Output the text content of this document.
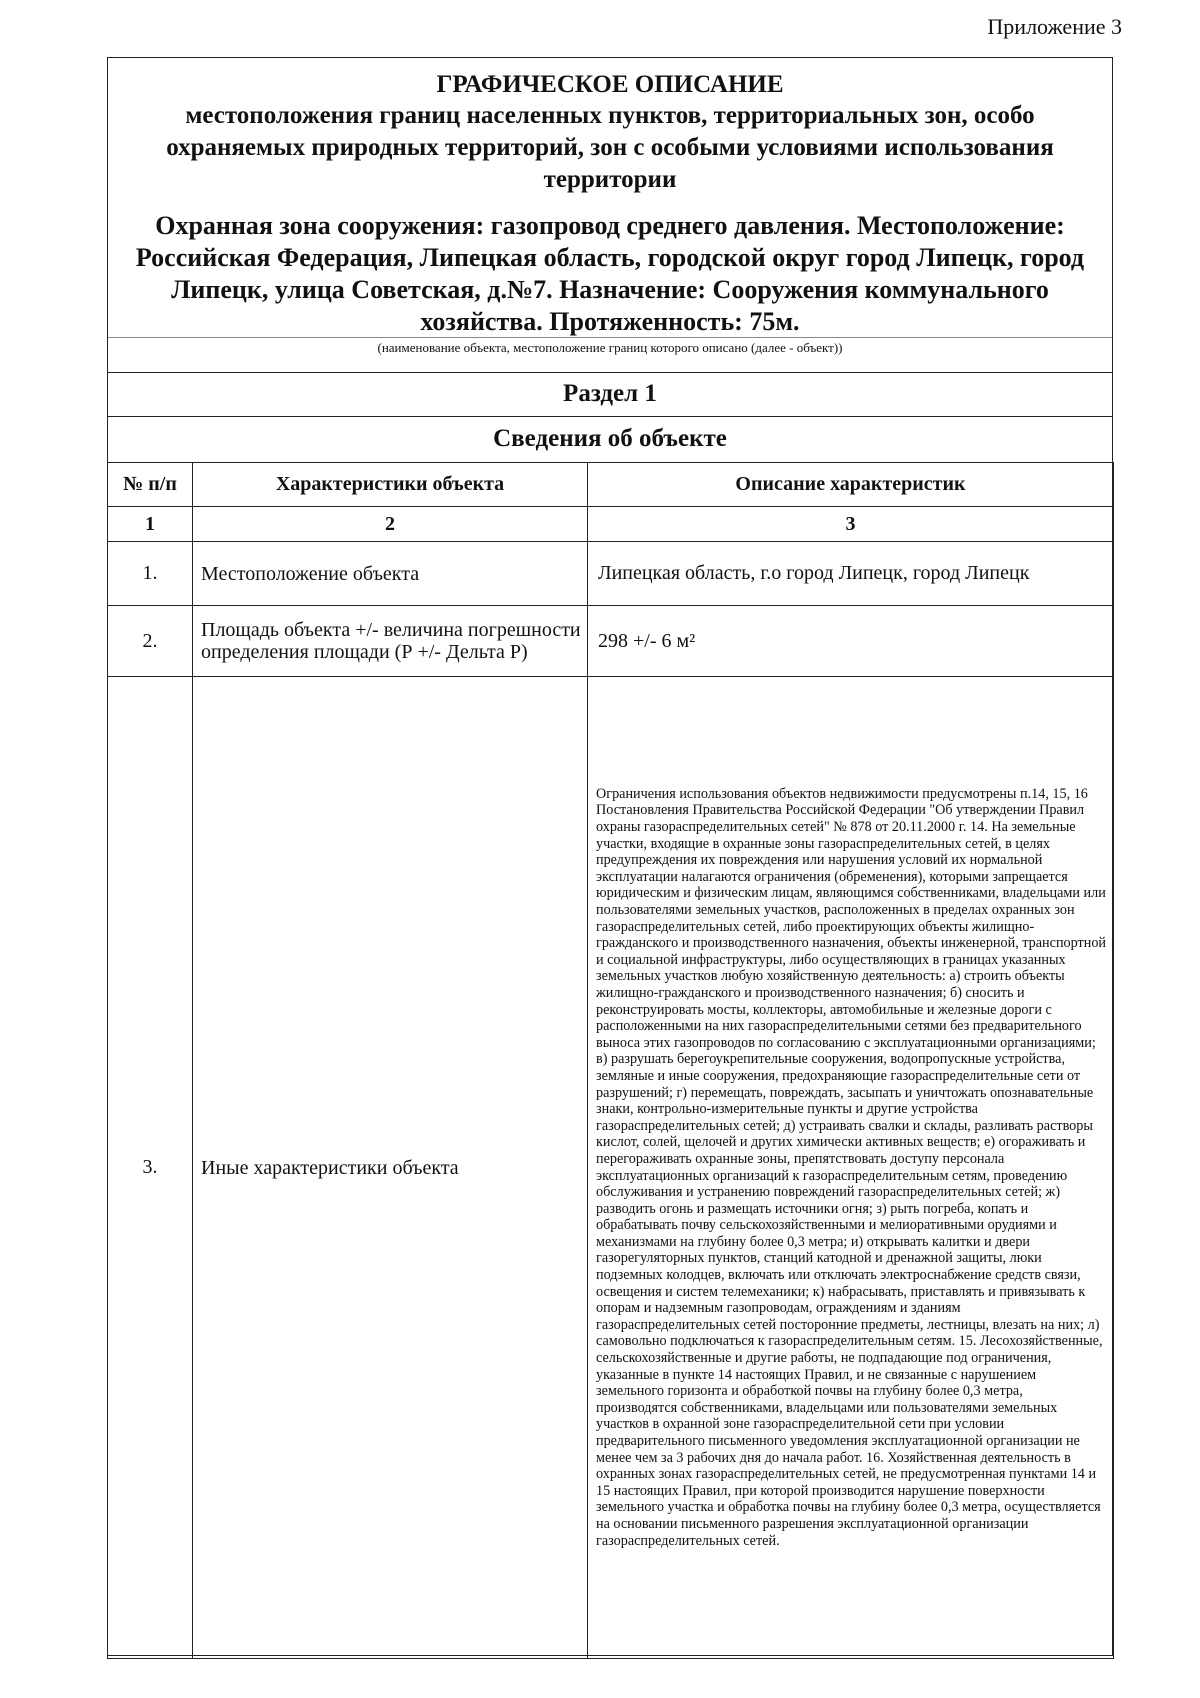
Приложение 3
ГРАФИЧЕСКОЕ ОПИСАНИЕ
местоположения границ населенных пунктов, территориальных зон, особо охраняемых природных территорий, зон с особыми условиями использования территории
Охранная зона сооружения: газопровод среднего давления. Местоположение: Российская Федерация, Липецкая область, городской округ город Липецк, город Липецк, улица Советская, д.№7. Назначение: Сооружения коммунального хозяйства. Протяженность: 75м.
(наименование объекта, местоположение границ которого описано (далее - объект))
Раздел 1
Сведения об объекте
№ п/п	Характеристики объекта	Описание характеристик
1	2	3
1.	Местоположение объекта	Липецкая область, г.о город Липецк, город Липецк
2.	Площадь объекта +/- величина погрешности определения площади (Р +/- Дельта Р)	298 +/- 6 м²
3.	Иные характеристики объекта	Ограничения использования объектов недвижимости предусмотрены п.14, 15, 16 Постановления Правительства Российской Федерации "Об утверждении Правил охраны газораспределительных сетей" № 878 от 20.11.2000 г. 14. На земельные участки, входящие в охранные зоны газораспределительных сетей, в целях предупреждения их повреждения или нарушения условий их нормальной эксплуатации налагаются ограничения (обременения), которыми запрещается юридическим и физическим лицам, являющимся собственниками, владельцами или пользователями земельных участков, расположенных в пределах охранных зон газораспределительных сетей, либо проектирующих объекты жилищно-гражданского и производственного назначения, объекты инженерной, транспортной и социальной инфраструктуры, либо осуществляющих в границах указанных земельных участков любую хозяйственную деятельность: а) строить объекты жилищно-гражданского и производственного назначения; б) сносить и реконструировать мосты, коллекторы, автомобильные и железные дороги с расположенными на них газораспределительными сетями без предварительного выноса этих газопроводов по согласованию с эксплуатационными организациями; в) разрушать берегоукрепительные сооружения, водопропускные устройства, земляные и иные сооружения, предохраняющие газораспределительные сети от разрушений; г) перемещать, повреждать, засыпать и уничтожать опознавательные знаки, контрольно-измерительные пункты и другие устройства газораспределительных сетей; д) устраивать свалки и склады, разливать растворы кислот, солей, щелочей и других химически активных веществ; е) огораживать и перегораживать охранные зоны, препятствовать доступу персонала эксплуатационных организаций к газораспределительным сетям, проведению обслуживания и устранению повреждений газораспределительных сетей; ж) разводить огонь и размещать источники огня; з) рыть погреба, копать и обрабатывать почву сельскохозяйственными и мелиоративными орудиями и механизмами на глубину более 0,3 метра; и) открывать калитки и двери газорегуляторных пунктов, станций катодной и дренажной защиты, люки подземных колодцев, включать или отключать электроснабжение средств связи, освещения и систем телемеханики; к) набрасывать, приставлять и привязывать к опорам и надземным газопроводам, ограждениям и зданиям газораспределительных сетей посторонние предметы, лестницы, влезать на них; л) самовольно подключаться к газораспределительным сетям. 15. Лесохозяйственные, сельскохозяйственные и другие работы, не подпадающие под ограничения, указанные в пункте 14 настоящих Правил, и не связанные с нарушением земельного горизонта и обработкой почвы на глубину более 0,3 метра, производятся собственниками, владельцами или пользователями земельных участков в охранной зоне газораспределительной сети при условии предварительного письменного уведомления эксплуатационной организации не менее чем за 3 рабочих дня до начала работ. 16. Хозяйственная деятельность в охранных зонах газораспределительных сетей, не предусмотренная пунктами 14 и 15 настоящих Правил, при которой производится нарушение поверхности земельного участка и обработка почвы на глубину более 0,3 метра, осуществляется на основании письменного разрешения эксплуатационной организации газораспределительных сетей.
